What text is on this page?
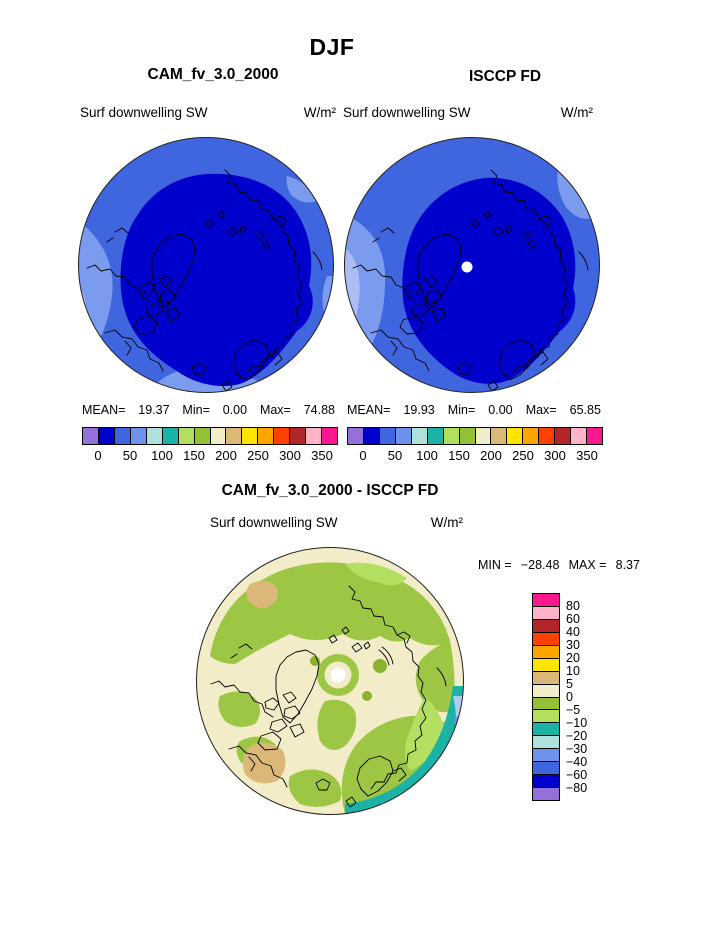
DJF
CAM_fv_3.0_2000	ISCCP FD
Surf downwelling SW	W/m² Surf downwelling SW	W/m²
MEAN= 19.37 Min= 0.00 Max= 74.88 MEAN= 19.93 Min= 0.00 Max= 65.85
0 50 100 150 200 250 300 350 0 50 100 150 200 250 300 350
CAM_fv_3.0_2000 - ISCCP FD
Surf downwelling SW	W/m²
MIN = −28.48 MAX = 8.37
80
60
40
30
20
10
5
0
−5
−10
−20
−30
−40
−60
−80
